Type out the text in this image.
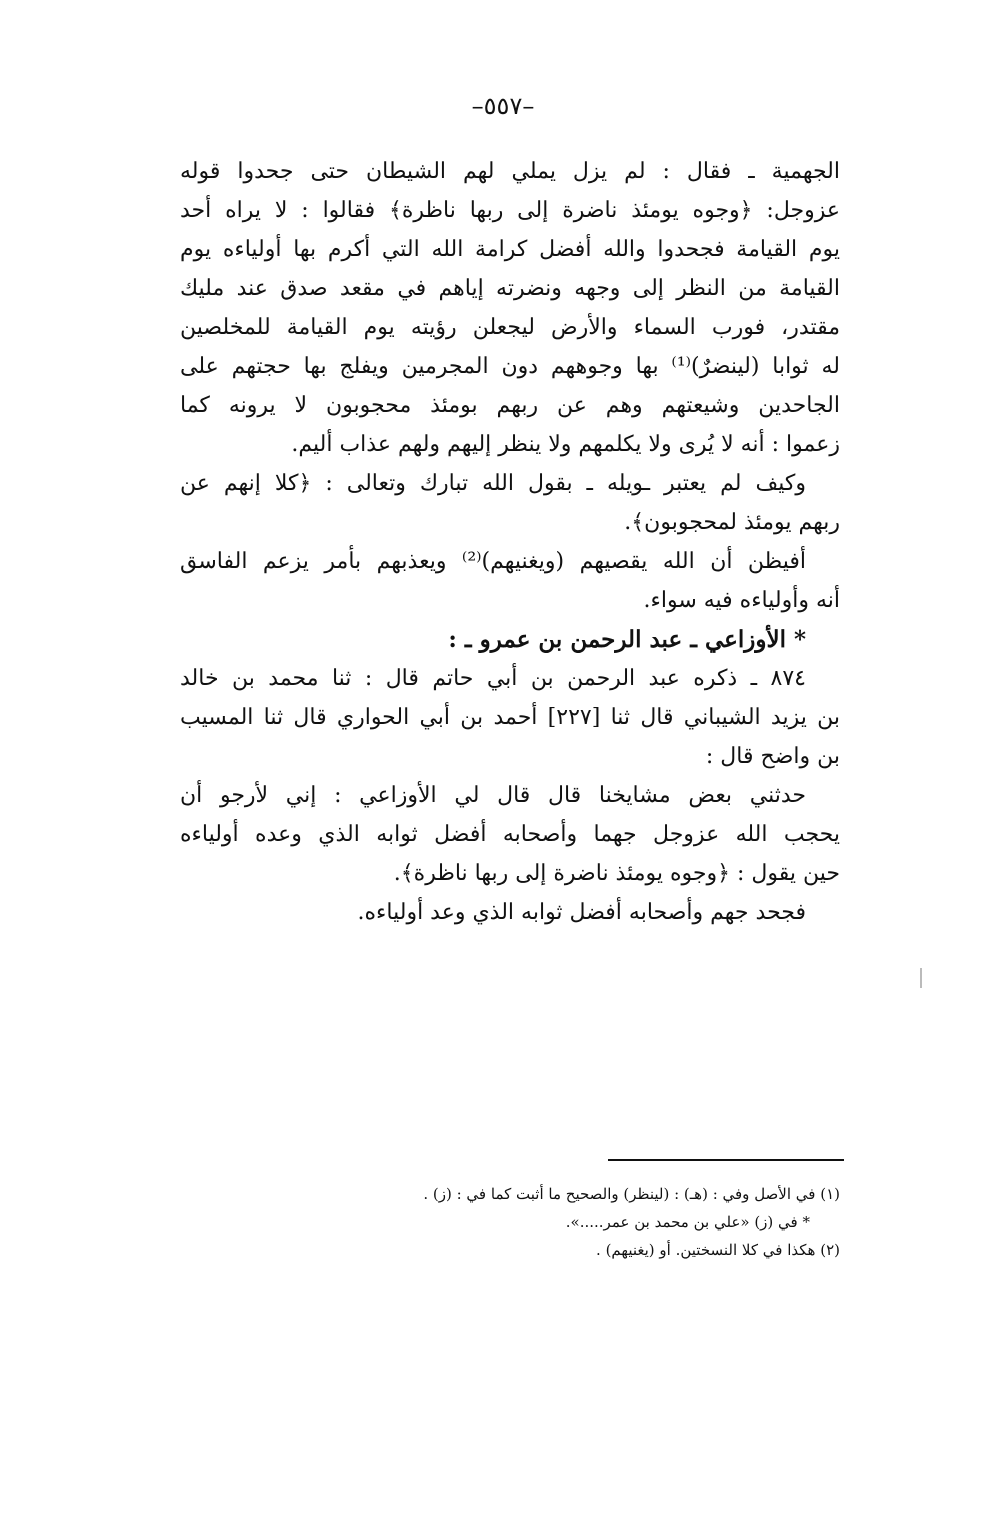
–٥٥٧–
الجهمية ـ فقال : لم يزل يملي لهم الشيطان حتى جحدوا قوله
عزوجل: ﴿وجوه يومئذ ناضرة إلى ربها ناظرة﴾ فقالوا : لا يراه أحد
يوم القيامة فجحدوا والله أفضل كرامة الله التي أكرم بها أولياءه يوم
القيامة من النظر إلى وجهه ونضرته إياهم في مقعد صدق عند مليك
مقتدر، فورب السماء والأرض ليجعلن رؤيته يوم القيامة للمخلصين
له ثوابا (لينضرٌ)⁽¹⁾ بها وجوههم دون المجرمين ويفلج بها حجتهم على
الجاحدين وشيعتهم وهم عن ربهم بومئذ محجوبون لا يرونه كما
زعموا : أنه لا يُرى ولا يكلمهم ولا ينظر إليهم ولهم عذاب أليم.
وكيف لم يعتبر ـويله ـ بقول الله تبارك وتعالى : ﴿كلا إنهم عن
ربهم يومئذ لمحجوبون﴾.
أفيظن أن الله يقصيهم (ويغنيهم)⁽²⁾ ويعذبهم بأمر يزعم الفاسق
أنه وأولياءه فيه سواء.
* الأوزاعي ـ عبد الرحمن بن عمرو ـ :
٨٧٤ ـ ذكره عبد الرحمن بن أبي حاتم قال : ثنا محمد بن خالد
بن يزيد الشيباني قال ثنا [٢٢٧] أحمد بن أبي الحواري قال ثنا المسيب
بن واضح قال :
حدثني بعض مشايخنا قال قال لي الأوزاعي : إني لأرجو أن
يحجب الله عزوجل جهما وأصحابه أفضل ثوابه الذي وعده أولياءه
حين يقول : ﴿وجوه يومئذ ناضرة إلى ربها ناظرة﴾.
فجحد جهم وأصحابه أفضل ثوابه الذي وعد أولياءه.
(١) في الأصل وفي : (هـ) : (لينظر) والصحيح ما أثبت كما في : (ز) .
* في (ز) «علي بن محمد بن عمر.....».
(٢) هكذا في كلا النسختين. أو (يغنيهم) .
